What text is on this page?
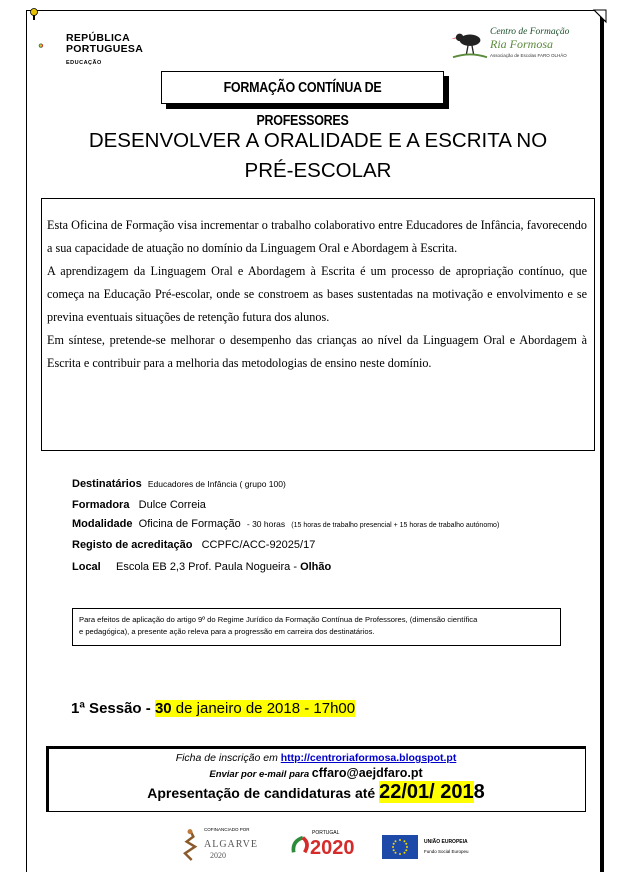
REPÚBLICA
PORTUGUESA
EDUCAÇÃO
Centro de Formação
Ria Formosa
Associação de Escolas FARO OLHÃO
FORMAÇÃO CONTÍNUA DE PROFESSORES
DESENVOLVER A ORALIDADE E A ESCRITA NO
PRÉ-ESCOLAR

Esta Oficina de Formação visa incrementar o trabalho colaborativo entre Educadores de Infância, favorecendo a sua capacidade de atuação no domínio da Linguagem Oral e Abordagem à Escrita.

A aprendizagem da Linguagem Oral e Abordagem à Escrita é um processo de apropriação contínuo, que começa na Educação Pré-escolar, onde se constroem as bases sustentadas na motivação e envolvimento e se previna eventuais situações de retenção futura dos alunos.

Em síntese, pretende-se melhorar o desempenho das crianças ao nível da Linguagem Oral e Abordagem à Escrita e contribuir para a melhoria das metodologias de ensino neste domínio.

Destinatários Educadores de Infância ( grupo 100)
Formadora Dulce Correia
Modalidade Oficina de Formação - 30 horas (15 horas de trabalho presencial + 15 horas de trabalho autónomo)
Registo de acreditação CCPFC/ACC-92025/17
Local Escola EB 2,3 Prof. Paula Nogueira - Olhão
Para efeitos de aplicação do artigo 9º do Regime Jurídico da Formação Contínua de Professores, (dimensão científica
e pedagógica), a presente ação releva para a progressão em carreira dos destinatários.
1ª Sessão - 30 de janeiro de 2018 - 17h00
Ficha de inscrição em http://centroriaformosa.blogspot.pt
Enviar por e-mail para cffaro@aejdfaro.pt
Apresentação de candidaturas até 22/01/ 2018
COFINANCIADO POR
ALGARVE
2020
PORTUGAL
2020	UNIÃO EUROPEIA
Fundo Social Europeu
